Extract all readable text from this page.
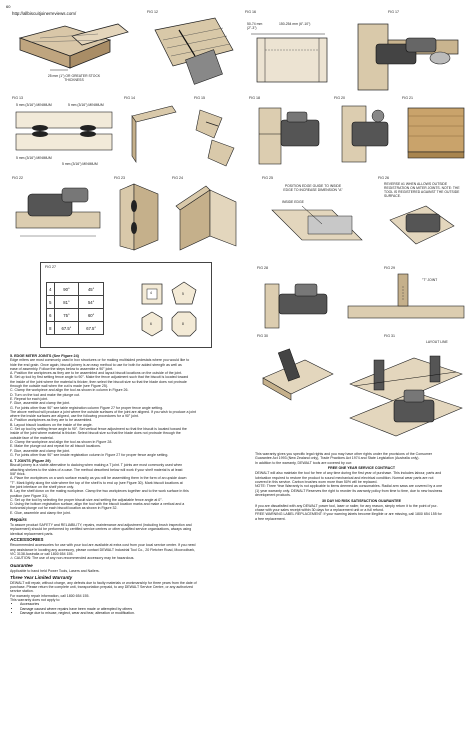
60
http://allbiscuitjoinerreviews.com/
25 mm (1") OR GREATER STOCK THICKNESS
FIG 12	FIG 16
50-74 mm (2"-3")
150-254 mm (6"-10")
FIG 17
FIG 13
5 mm (3/16") MINIMUM	5 mm (3/16") MINIMUM
5 mm (3/16") MINIMUM
5 mm (3/16") MINIMUM
FIG 14	FIG 15	FIG 18	FIG 20	FIG 21
FIG 22	FIG 23	FIG 24	FIG 25
POSITION EDGE GUIDE TO INSIDE EDGE TO INCREASE DIMENSION "A"
INSIDE EDGE
FIG 26
REVERSE #1 WHEN ALLOWS OUTSIDE REGISTRATION ON MITER JOINTS. NOTE: THE TOOL IS REGISTERED AGAINST THE OUTSIDE SURFACE.
FIG 27
4	90°	45°
5	81°	54°
6	75°	60°
8	67.5°	67.5°
4	5
6	8
FIG 28	FIG 29
"T" JOINT
FIG 30	FIG 31
LAYOUT LINE
5. EDGE MITER JOINTS (See Figure 24)

Edge miters are most commonly used in box structures or for making multisided pedestals where you would like to

hide the end grain. Once again, biscuit joinery is an easy method to use for both for added strength as well as

ease of assembly. Follow the steps below to assemble a 90° joint.

A. Position the workpieces as they are to be assembled and layout biscuit locations on the outside of the joint.

B. Set up tool by first setting fence angle to 90°. Make the fence adjustment such that the biscuit is located toward

the inside of the joint where the material is thicker, then select the biscuit size so that the blade does not protrude

through the outside wall when the cut is made (see Figure 25).

C. Clamp the workpiece and align the tool as shown in column in Figure 26.

D. Turn on the tool and make the plunge cut.

E. Repeat for each joint.

F. Glue, assemble and clamp the joint.

G. For joints other than 90° see table registration column Figure 27 for proper fence angle setting.

The above method will produce a joint where the outside surfaces of the joint are aligned. If you wish to produce a joint

where the inside surfaces are aligned, use the following procedures for a 90° joint.

A. Position workpieces as they are to be assembled.

B. Layout biscuit locations on the inside of the angle.

C. Set up tool by setting fence angle to 90°. Set vertical fence adjustment so that the biscuit is located toward the

inside of the joint where material is thicker. Select biscuit size so that the blade does not protrude through the

outside face of the material.

D. Clamp the workpiece and align the tool as shown in Figure 28.

E. Make the plunge cut and repeat for all biscuit locations.

F. Glue, assemble and clamp the joint.

G. For joints other than 90° see inside registration column in Figure 27 for proper fence angle setting.

6. T JOINTS (Figure 29)

Biscuit joinery is a viable alternative to dadoing when making a T joint. T joints are most commonly used when

attaching shelves to the sides of a case. The method described below will work if your shelf material is at least

5/8" thick.

A. Place the workpieces on a work surface exactly as you will be assembling them in the form of an upside down

"T". Mark lightly along the side where the top of the shelf is to end up (see Figure 30). Mark biscuit locations at

the joint interface on the shelf piece only.

B. Lay the shelf down on the mating workpiece. Clamp the two workpieces together and to the work surface in this

position (see Figure 31).

C. Set up the tool by selecting the proper biscuit size and setting the adjustable fence angle at 0°.

D. Using the bottom registration surface, align the tool with the biscuit location marks and make a vertical and a

horizontal plunge cut for each biscuit location as shown in Figure 32.

E. Glue, assemble and clamp the joint.

Repairs

To assure product SAFETY and RELIABILITY, repairs, maintenance and adjustment (including brush inspection and

replacement) should be performed by certified service centres or other qualified service organizations, always using

identical replacement parts.

ACCESSORIES

Recommended accessories for use with your tool are available at extra cost from your local service center. If you need

any assistance in locating any accessory, please contact DEWALT Industrial Tool Co., 20 Fletcher Road, Mooroolbark,

VIC 3138 Australia or call 1800 654 155.

⚠ CAUTION: The use of any non-recommended accessory may be hazardous.

Guarantee

Applicable to hand held Power Tools, Lasers and Nailers.

Three Year Limited Warranty

DEWALT will repair, without charge, any defects due to faulty materials or workmanship for three years from the date of

purchase. Please return the complete unit, transportation prepaid, to any DEWALT Service Centre, or any authorized

service station.

For warranty repair information, call 1800 654 155.

This warranty does not apply to:

• Accessories
• Damage caused where repairs have been made or attempted by others
• Damage due to misuse, neglect, wear and tear, alteration or modification.

This warranty gives you specific legal rights and you may have other rights under the provisions of the Consumer

Guarantee Act 1993 (New Zealand only), Trade Practices Act 1974 and State Legislation (Australia only).

In addition to the warranty, DEWALT tools are covered by our:

FREE ONE YEAR SERVICE CONTRACT

DEWALT will also maintain the tool for free of any time during the first year of purchase. This includes labour, parts and

lubrication required to restore the product to sound mechanical and electrical condition. Normal wear parts are not

covered in this service. Carbon brushes worn more than 50% will be replaced.

NOTE: Three Year Warranty is not applicable to items deemed as consumables. Radial arm saws are covered by a one

(1) year warranty only. DEWALT Reserves the right to reorder its warranty policy from time to time, due to new business

development products.

30 DAY NO RISK SATISFACTION GUARANTEE

If you are dissatisfied with any DEWALT power tool, laser or nailer, for any reason, simply return it to the point of pur-

chase with your sales receipt within 30 days for a replacement unit or a full refund.

FREE WARNING LABEL REPLACEMENT: If your warning labels become illegible or are missing, call 1800 654 155 for

a free replacement.
